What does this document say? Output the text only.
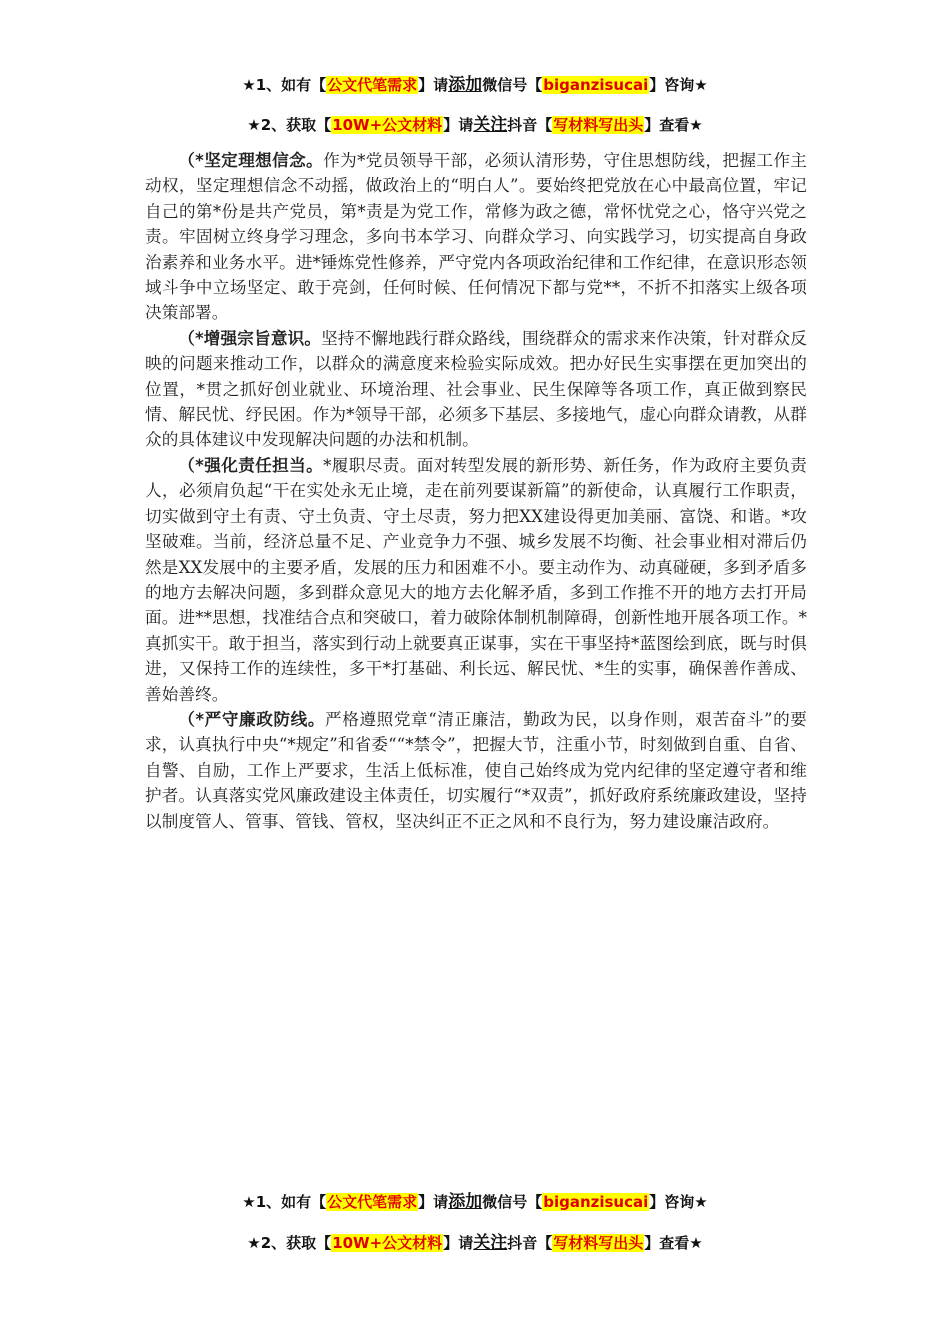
★1、如有【公文代笔需求】请添加微信号【biganzisucai】咨询★
★2、获取【10W+公文材料】请关注抖音【写材料写出头】查看★

（*坚定理想信念。作为*党员领导干部，必须认清形势，守住思想防线，把握工作主动权，坚定理想信念不动摇，做政治上的“明白人”。要始终把党放在心中最高位置，牢记自己的第*份是共产党员，第*责是为党工作，常修为政之德，常怀忧党之心，恪守兴党之责。牢固树立终身学习理念，多向书本学习、向群众学习、向实践学习，切实提高自身政治素养和业务水平。进*锤炼党性修养，严守党内各项政治纪律和工作纪律，在意识形态领域斗争中立场坚定、敢于亮剑，任何时候、任何情况下都与党**，不折不扣落实上级各项决策部署。

（*增强宗旨意识。坚持不懈地践行群众路线，围绕群众的需求来作决策，针对群众反映的问题来推动工作，以群众的满意度来检验实际成效。把办好民生实事摆在更加突出的位置，*贯之抓好创业就业、环境治理、社会事业、民生保障等各项工作，真正做到察民情、解民忧、纾民困。作为*领导干部，必须多下基层、多接地气，虚心向群众请教，从群众的具体建议中发现解决问题的办法和机制。

（*强化责任担当。*履职尽责。面对转型发展的新形势、新任务，作为政府主要负责人，必须肩负起“干在实处永无止境，走在前列要谋新篇”的新使命，认真履行工作职责，切实做到守土有责、守土负责、守土尽责，努力把XX建设得更加美丽、富饶、和谐。*攻坚破难。当前，经济总量不足、产业竞争力不强、城乡发展不均衡、社会事业相对滞后仍然是XX发展中的主要矛盾，发展的压力和困难不小。要主动作为、动真碰硬，多到矛盾多的地方去解决问题，多到群众意见大的地方去化解矛盾，多到工作推不开的地方去打开局面。进**思想，找准结合点和突破口，着力破除体制机制障碍，创新性地开展各项工作。*真抓实干。敢于担当，落实到行动上就要真正谋事，实在干事坚持*蓝图绘到底，既与时俱进，又保持工作的连续性，多干*打基础、利长远、解民忧、*生的实事，确保善作善成、善始善终。

（*严守廉政防线。严格遵照党章“清正廉洁，勤政为民，以身作则，艰苦奋斗”的要求，认真执行中央“*规定”和省委““*禁令”，把握大节，注重小节，时刻做到自重、自省、自警、自励，工作上严要求，生活上低标准，使自己始终成为党内纪律的坚定遵守者和维护者。认真落实党风廉政建设主体责任，切实履行“*双责”，抓好政府系统廉政建设，坚持以制度管人、管事、管钱、管权，坚决纠正不正之风和不良行为，努力建设廉洁政府。

★1、如有【公文代笔需求】请添加微信号【biganzisucai】咨询★
★2、获取【10W+公文材料】请关注抖音【写材料写出头】查看★
